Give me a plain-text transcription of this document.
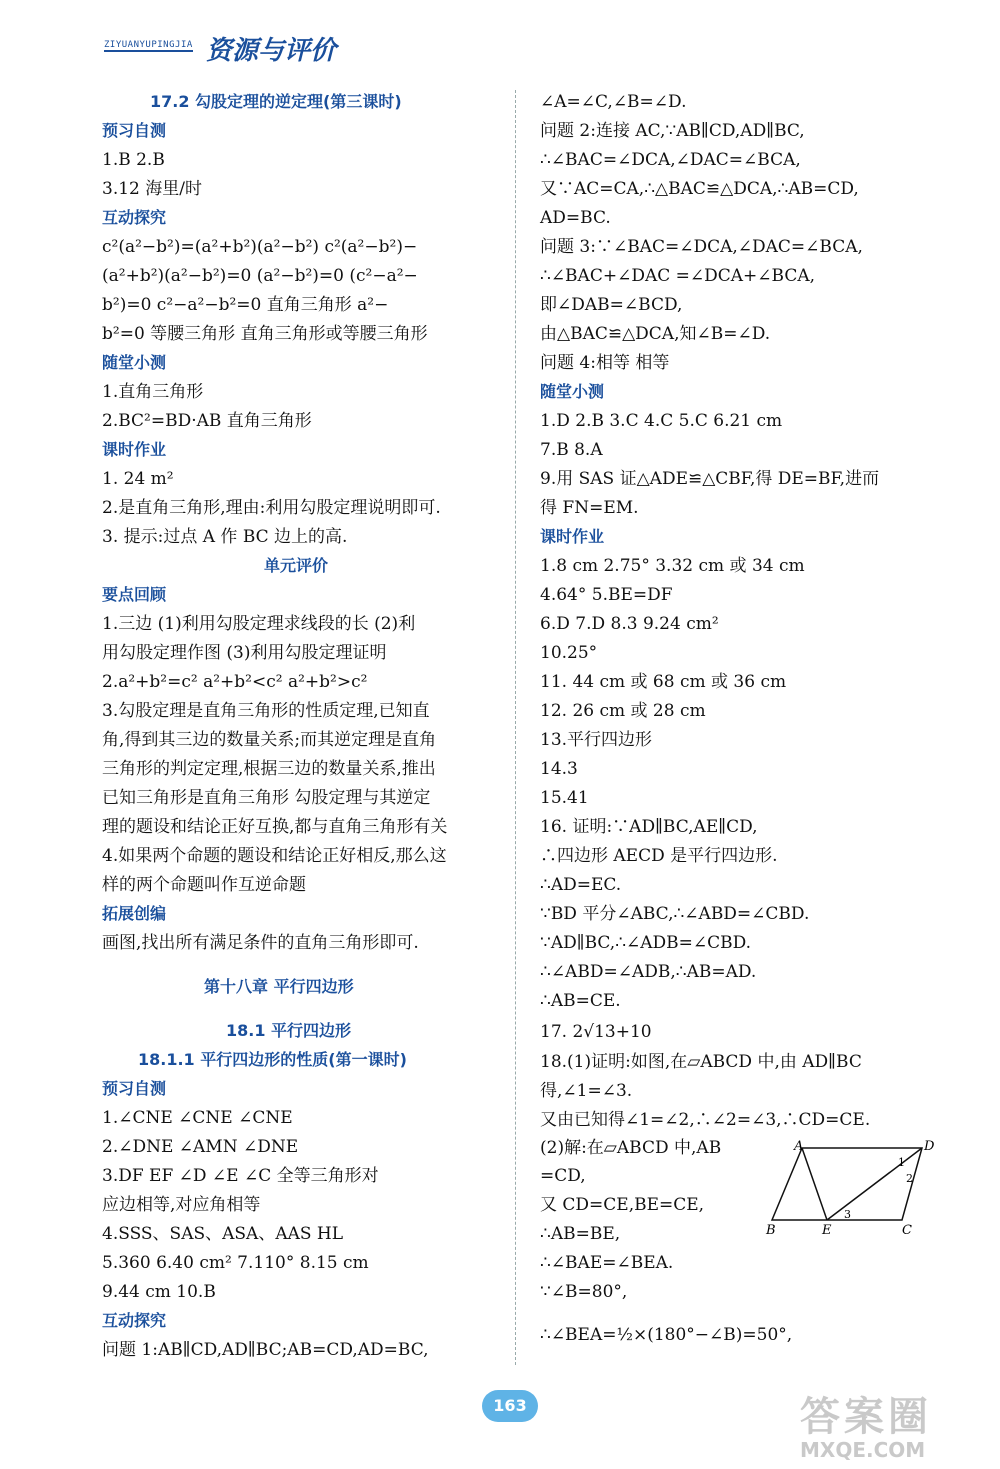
ZIYUANYUPINGJIA 资源与评价
17.2 勾股定理的逆定理(第三课时)
预习自测
1.B 2.B
3.12 海里/时
互动探究
c²(a²−b²)=(a²+b²)(a²−b²) c²(a²−b²)−
(a²+b²)(a²−b²)=0 (a²−b²)=0 (c²−a²−
b²)=0 c²−a²−b²=0 直角三角形 a²−
b²=0 等腰三角形 直角三角形或等腰三角形
随堂小测
1.直角三角形
2.BC²=BD·AB 直角三角形
课时作业
1. 24 m²
2.是直角三角形,理由:利用勾股定理说明即可.
3. 提示:过点 A 作 BC 边上的高.
单元评价
要点回顾
1.三边 (1)利用勾股定理求线段的长 (2)利
用勾股定理作图 (3)利用勾股定理证明
2.a²+b²=c² a²+b²<c² a²+b²>c²
3.勾股定理是直角三角形的性质定理,已知直
角,得到其三边的数量关系;而其逆定理是直角
三角形的判定定理,根据三边的数量关系,推出
已知三角形是直角三角形 勾股定理与其逆定
理的题设和结论正好互换,都与直角三角形有关
4.如果两个命题的题设和结论正好相反,那么这
样的两个命题叫作互逆命题
拓展创编
画图,找出所有满足条件的直角三角形即可.
第十八章 平行四边形
18.1 平行四边形
18.1.1 平行四边形的性质(第一课时)
预习自测
1.∠CNE ∠CNE ∠CNE
2.∠DNE ∠AMN ∠DNE
3.DF EF ∠D ∠E ∠C 全等三角形对
应边相等,对应角相等
4.SSS、SAS、ASA、AAS HL
5.360 6.40 cm² 7.110° 8.15 cm
9.44 cm 10.B
互动探究
问题 1:AB∥CD,AD∥BC;AB=CD,AD=BC,
∠A=∠C,∠B=∠D.
问题 2:连接 AC,∵AB∥CD,AD∥BC,
∴∠BAC=∠DCA,∠DAC=∠BCA,
又∵AC=CA,∴△BAC≌△DCA,∴AB=CD,
AD=BC.
问题 3:∵∠BAC=∠DCA,∠DAC=∠BCA,
∴∠BAC+∠DAC =∠DCA+∠BCA,
即∠DAB=∠BCD,
由△BAC≌△DCA,知∠B=∠D.
问题 4:相等 相等
随堂小测
1.D 2.B 3.C 4.C 5.C 6.21 cm
7.B 8.A
9.用 SAS 证△ADE≌△CBF,得 DE=BF,进而
得 FN=EM.
课时作业
1.8 cm 2.75° 3.32 cm 或 34 cm
4.64° 5.BE=DF
6.D 7.D 8.3 9.24 cm²
10.25°
11. 44 cm 或 68 cm 或 36 cm
12. 26 cm 或 28 cm
13.平行四边形
14.3
15.41
16. 证明:∵AD∥BC,AE∥CD,
∴四边形 AECD 是平行四边形.
∴AD=EC.
∵BD 平分∠ABC,∴∠ABD=∠CBD.
∵AD∥BC,∴∠ADB=∠CBD.
∴∠ABD=∠ADB,∴AB=AD.
∴AB=CE.
17. 2√13+10
18.(1)证明:如图,在▱ABCD 中,由 AD∥BC
得,∠1=∠3.
又由已知得∠1=∠2,∴∠2=∠3,∴CD=CE.
(2)解:在▱ABCD 中,AB
=CD,
又 CD=CE,BE=CE,
∴AB=BE,
∴∠BAE=∠BEA.
∵∠B=80°,
∴∠BEA=½×(180°−∠B)=50°,
A	D
B	E	C
1
2
3
163	答案圈
MXQE.COM
